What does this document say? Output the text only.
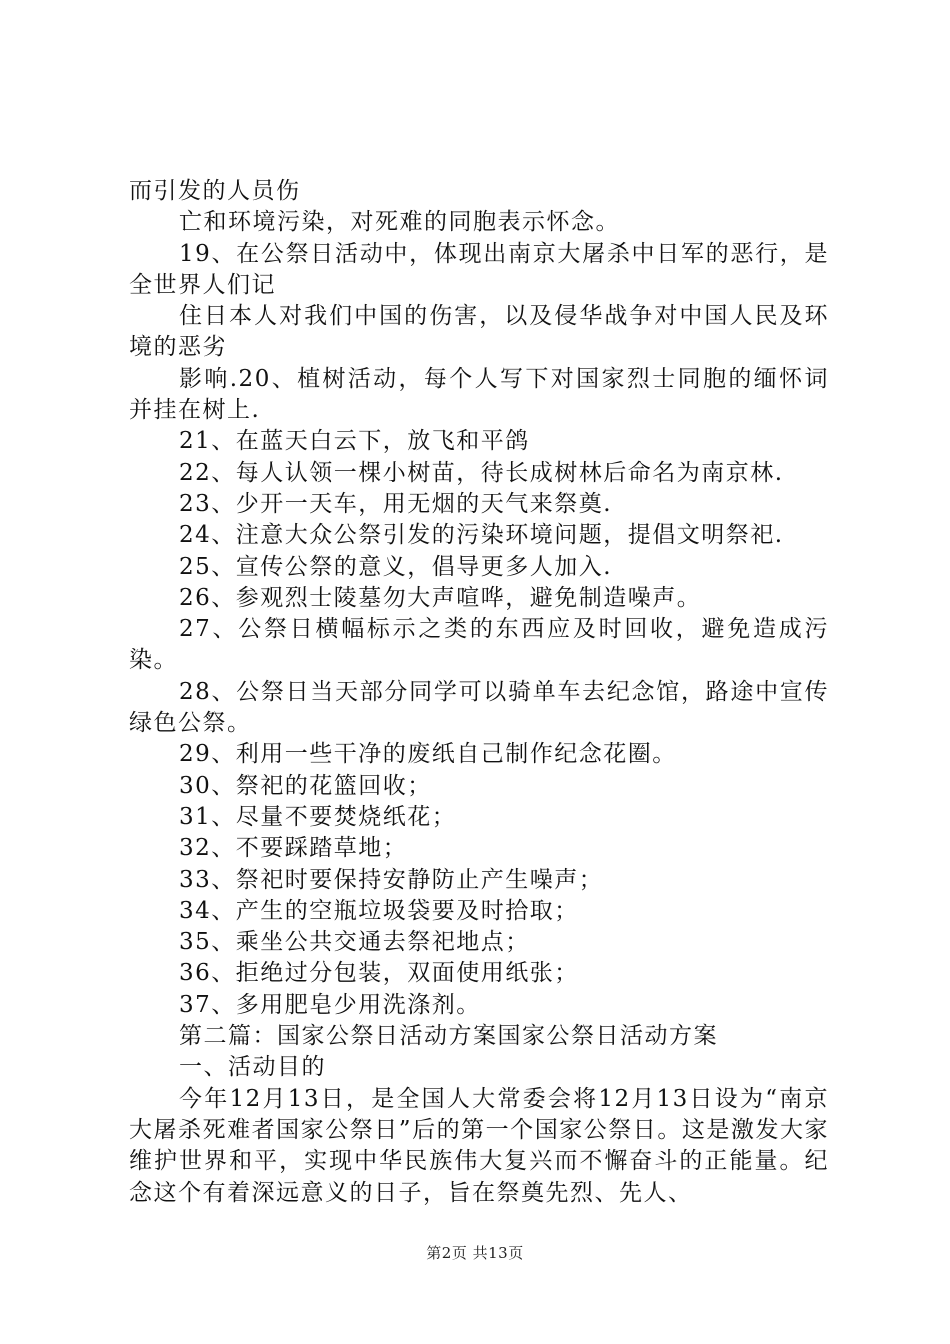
而引发的人员伤

亡和环境污染，对死难的同胞表示怀念。

19、在公祭日活动中，体现出南京大屠杀中日军的恶行，是全世界人们记

住日本人对我们中国的伤害，以及侵华战争对中国人民及环境的恶劣

影响.20、植树活动，每个人写下对国家烈士同胞的缅怀词并挂在树上.

21、在蓝天白云下，放飞和平鸽

22、每人认领一棵小树苗，待长成树林后命名为南京林.

23、少开一天车，用无烟的天气来祭奠.

24、注意大众公祭引发的污染环境问题，提倡文明祭祀.

25、宣传公祭的意义，倡导更多人加入.

26、参观烈士陵墓勿大声喧哗，避免制造噪声。

27、公祭日横幅标示之类的东西应及时回收，避免造成污染。

28、公祭日当天部分同学可以骑单车去纪念馆，路途中宣传绿色公祭。

29、利用一些干净的废纸自己制作纪念花圈。

30、祭祀的花篮回收；

31、尽量不要焚烧纸花；

32、不要踩踏草地；

33、祭祀时要保持安静防止产生噪声；

34、产生的空瓶垃圾袋要及时拾取；

35、乘坐公共交通去祭祀地点；

36、拒绝过分包装，双面使用纸张；

37、多用肥皂少用洗涤剂。

第二篇：国家公祭日活动方案国家公祭日活动方案

一、活动目的

今年12月13日，是全国人大常委会将12月13日设为“南京大屠杀死难者国家公祭日”后的第一个国家公祭日。这是激发大家维护世界和平，实现中华民族伟大复兴而不懈奋斗的正能量。纪念这个有着深远意义的日子，旨在祭奠先烈、先人、

第2页 共13页
